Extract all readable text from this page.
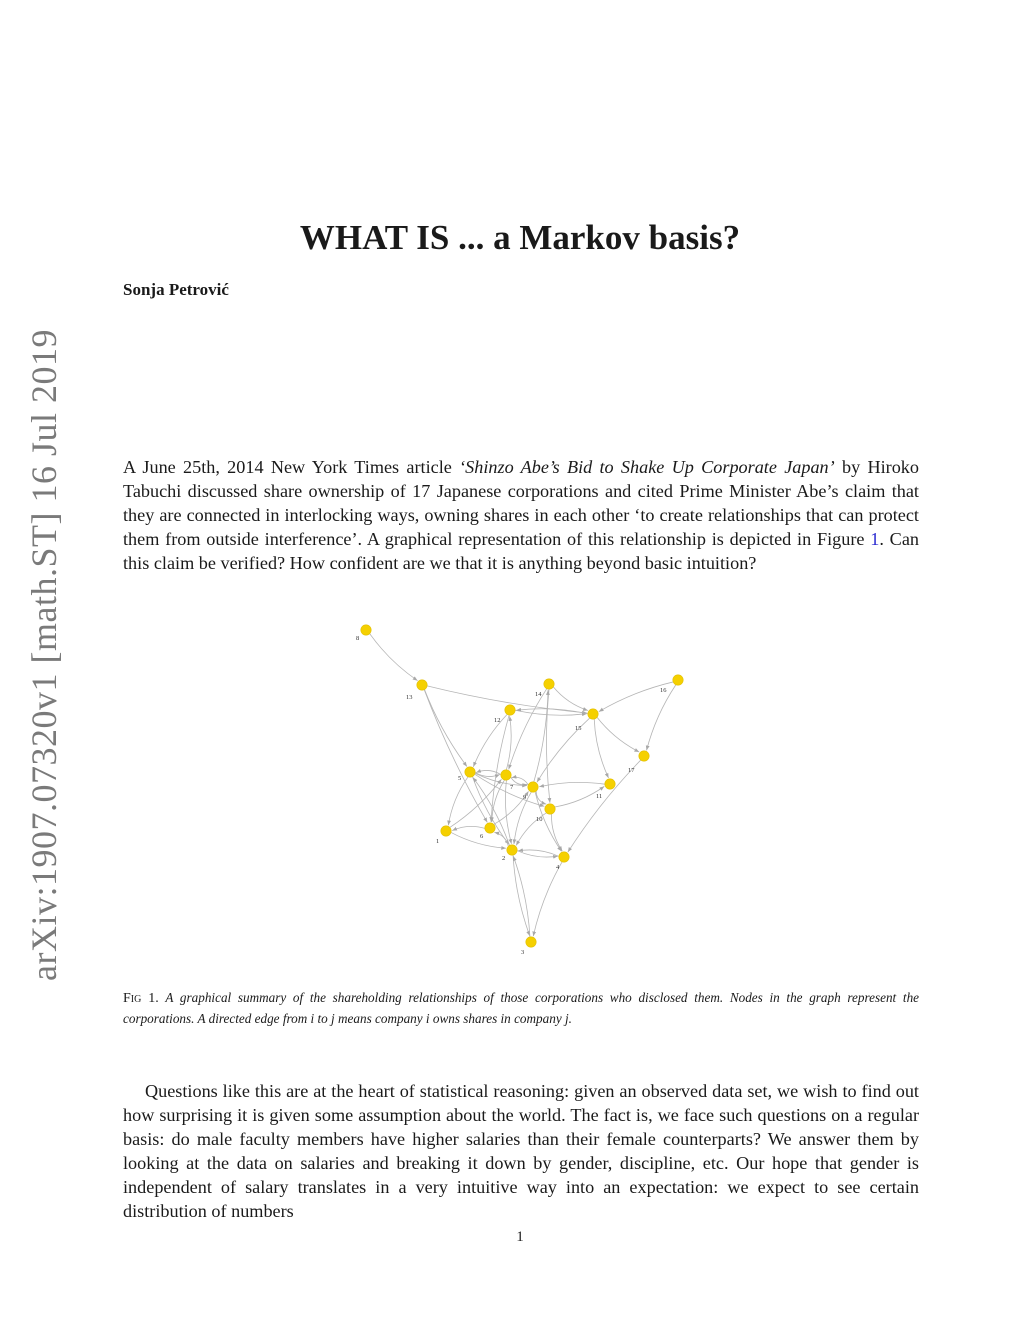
arXiv:1907.07320v1 [math.ST] 16 Jul 2019
WHAT IS ... a Markov basis?
Sonja Petrović

A June 25th, 2014 New York Times article ‘Shinzo Abe’s Bid to Shake Up Corporate Japan’ by Hiroko Tabuchi discussed share ownership of 17 Japanese corporations and cited Prime Minister Abe’s claim that they are connected in interlocking ways, owning shares in each other ‘to create relationships that can protect them from outside interference’. A graphical representation of this relationship is depicted in Figure 1. Can this claim be verified? How confident are we that it is anything beyond basic intuition?

1
2
3
4
5
6
7
8
9
10
11
12
13	14
15
16
17

Fig 1. A graphical summary of the shareholding relationships of those corporations who disclosed them. Nodes in the graph represent the corporations. A directed edge from i to j means company i owns shares in company j.

Questions like this are at the heart of statistical reasoning: given an observed data set, we wish to find out how surprising it is given some assumption about the world. The fact is, we face such questions on a regular basis: do male faculty members have higher salaries than their female counterparts? We answer them by looking at the data on salaries and breaking it down by gender, discipline, etc. Our hope that gender is independent of salary translates in a very intuitive way into an expectation: we expect to see certain distribution of numbers

1
